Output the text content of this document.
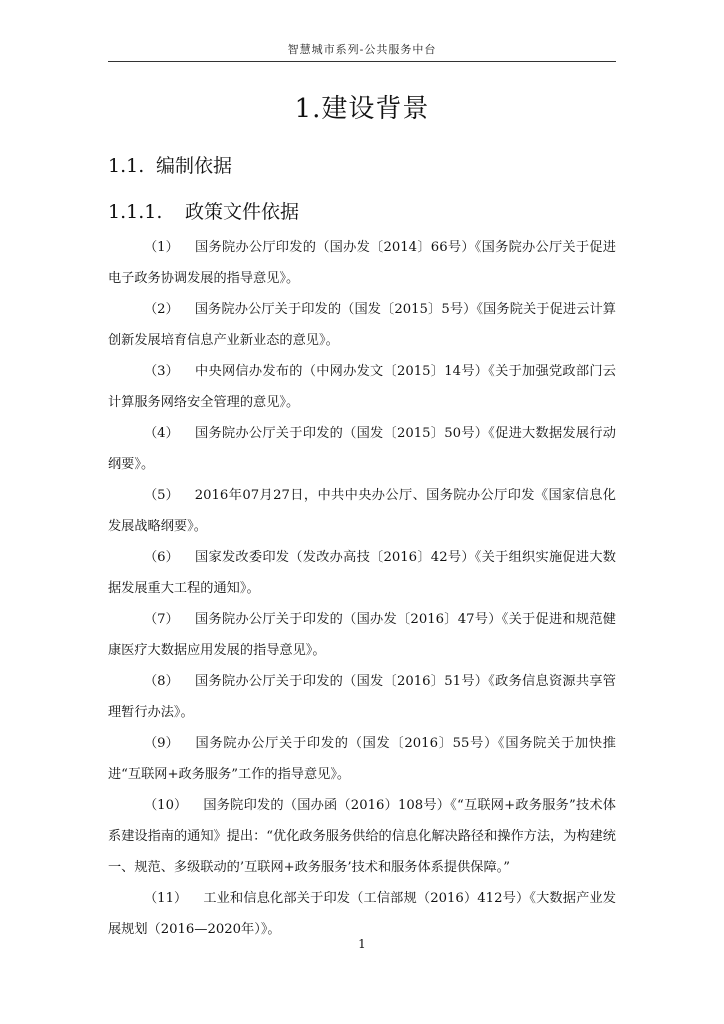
智慧城市系列-公共服务中台
1.建设背景
1.1. 编制依据
1.1.1. 政策文件依据

（1） 国务院办公厅印发的（国办发〔2014〕66号）《国务院办公厅关于促进电子政务协调发展的指导意见》。

（2） 国务院办公厅关于印发的（国发〔2015〕5号）《国务院关于促进云计算创新发展培育信息产业新业态的意见》。

（3） 中央网信办发布的（中网办发文〔2015〕14号）《关于加强党政部门云计算服务网络安全管理的意见》。

（4） 国务院办公厅关于印发的（国发〔2015〕50号）《促进大数据发展行动纲要》。

（5） 2016年07月27日，中共中央办公厅、国务院办公厅印发《国家信息化发展战略纲要》。

（6） 国家发改委印发（发改办高技〔2016〕42号）《关于组织实施促进大数据发展重大工程的通知》。

（7） 国务院办公厅关于印发的（国办发〔2016〕47号）《关于促进和规范健康医疗大数据应用发展的指导意见》。

（8） 国务院办公厅关于印发的（国发〔2016〕51号）《政务信息资源共享管理暂行办法》。

（9） 国务院办公厅关于印发的（国发〔2016〕55号）《国务院关于加快推进“互联网+政务服务”工作的指导意见》。

（10） 国务院印发的（国办函（2016）108号）《“互联网+政务服务”技术体系建设指南的通知》提出：“优化政务服务供给的信息化解决路径和操作方法，为构建统一、规范、多级联动的’互联网+政务服务’技术和服务体系提供保障。”

（11） 工业和信息化部关于印发（工信部规（2016）412号）《大数据产业发展规划（2016—2020年）》。

1
